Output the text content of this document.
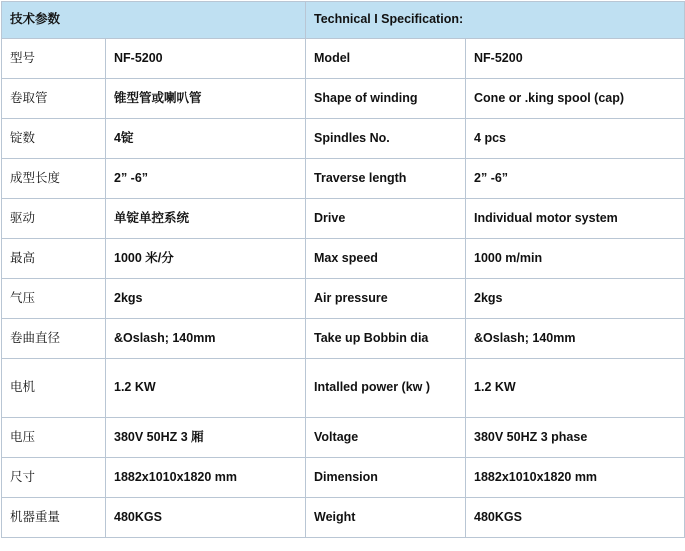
技术参数		Technical I Specification:	
型号	NF-5200	Model	NF-5200
卷取管	锥型管或喇叭管	Shape of winding	Cone or .king spool (cap)
锭数	4锭	Spindles No.	4 pcs
成型长度	2” -6”	Traverse length	2” -6”
驱动	单锭单控系统	Drive	Individual motor system
最高	1000 米/分	Max speed	1000 m/min
气压	2kgs	Air pressure	2kgs
卷曲直径	&Oslash; 140mm	Take up Bobbin dia	&Oslash; 140mm
电机	1.2 KW	Intalled power (kw )	1.2 KW
电压	380V 50HZ 3 厢	Voltage	380V 50HZ 3 phase
尺寸	1882x1010x1820 mm	Dimension	1882x1010x1820 mm
机器重量	480KGS	Weight	480KGS
